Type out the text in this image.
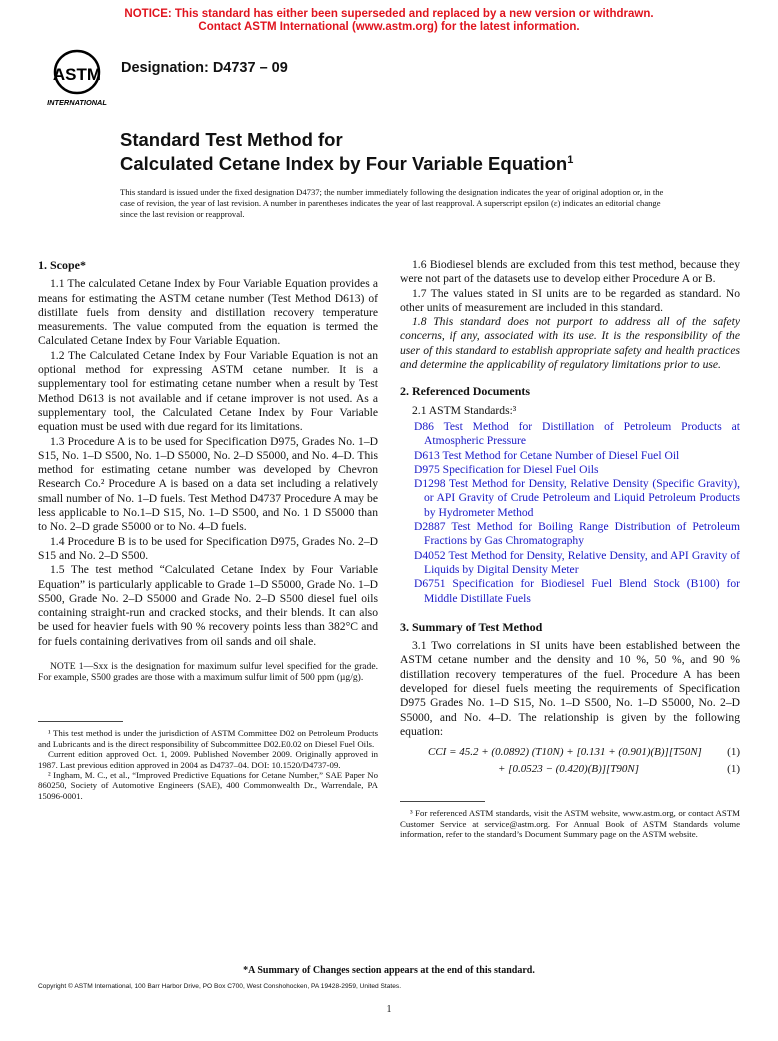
NOTICE: This standard has either been superseded and replaced by a new version or withdrawn.
Contact ASTM International (www.astm.org) for the latest information.
ASTM
INTERNATIONAL
Designation: D4737 – 09
Standard Test Method for
Calculated Cetane Index by Four Variable Equation$^1$
This standard is issued under the fixed designation D4737; the number immediately following the designation indicates the year of original adoption or, in the case of revision, the year of last revision. A number in parentheses indicates the year of last reapproval. A superscript epsilon (ε) indicates an editorial change since the last revision or reapproval.
1. Scope*

1.1 The calculated Cetane Index by Four Variable Equation provides a means for estimating the ASTM cetane number (Test Method D613) of distillate fuels from density and distillation recovery temperature measurements. The value computed from the equation is termed the Calculated Cetane Index by Four Variable Equation.

1.2 The Calculated Cetane Index by Four Variable Equation is not an optional method for expressing ASTM cetane number. It is a supplementary tool for estimating cetane number when a result by Test Method D613 is not available and if cetane improver is not used. As a supplementary tool, the Calculated Cetane Index by Four Variable equation must be used with due regard for its limitations.

1.3 Procedure A is to be used for Specification D975, Grades No. 1–D S15, No. 1–D S500, No. 1–D S5000, No. 2–D S5000, and No. 4–D. This method for estimating cetane number was developed by Chevron Research Co.² Procedure A is based on a data set including a relatively small number of No. 1–D fuels. Test Method D4737 Procedure A may be less applicable to No.1–D S15, No. 1–D S500, and No. 1 D S5000 than to No. 2–D grade S5000 or to No. 4–D fuels.

1.4 Procedure B is to be used for Specification D975, Grades No. 2–D S15 and No. 2–D S500.

1.5 The test method “Calculated Cetane Index by Four Variable Equation” is particularly applicable to Grade 1–D S5000, Grade No. 1–D S500, Grade No. 2–D S5000 and Grade No. 2–D S500 diesel fuel oils containing straight-run and cracked stocks, and their blends. It can also be used for heavier fuels with 90 % recovery points less than 382°C and for fuels containing derivatives from oil sands and oil shale.

NOTE 1—Sxx is the designation for maximum sulfur level specified for the grade. For example, S500 grades are those with a maximum sulfur limit of 500 ppm (µg/g).

¹ This test method is under the jurisdiction of ASTM Committee D02 on Petroleum Products and Lubricants and is the direct responsibility of Subcommittee D02.E0.02 on Diesel Fuel Oils.

Current edition approved Oct. 1, 2009. Published November 2009. Originally approved in 1987. Last previous edition approved in 2004 as D4737–04. DOI: 10.1520/D4737-09.

² Ingham, M. C., et al., “Improved Predictive Equations for Cetane Number,” SAE Paper No 860250, Society of Automotive Engineers (SAE), 400 Commonwealth Dr., Warrendale, PA 15096-0001.

1.6 Biodiesel blends are excluded from this test method, because they were not part of the datasets use to develop either Procedure A or B.

1.7 The values stated in SI units are to be regarded as standard. No other units of measurement are included in this standard.

1.8 This standard does not purport to address all of the safety concerns, if any, associated with its use. It is the responsibility of the user of this standard to establish appropriate safety and health practices and determine the applicability of regulatory limitations prior to use.

2. Referenced Documents

2.1 ASTM Standards:³

D86 Test Method for Distillation of Petroleum Products at Atmospheric Pressure

D613 Test Method for Cetane Number of Diesel Fuel Oil

D975 Specification for Diesel Fuel Oils

D1298 Test Method for Density, Relative Density (Specific Gravity), or API Gravity of Crude Petroleum and Liquid Petroleum Products by Hydrometer Method

D2887 Test Method for Boiling Range Distribution of Petroleum Fractions by Gas Chromatography

D4052 Test Method for Density, Relative Density, and API Gravity of Liquids by Digital Density Meter

D6751 Specification for Biodiesel Fuel Blend Stock (B100) for Middle Distillate Fuels

3. Summary of Test Method

3.1 Two correlations in SI units have been established between the ASTM cetane number and the density and 10 %, 50 %, and 90 % distillation recovery temperatures of the fuel. Procedure A has been developed for diesel fuels meeting the requirements of Specification D975 Grades No. 1–D S15, No. 1–D S500, No. 1–D S5000, No. 2–D S5000, and No. 4–D. The relationship is given by the following equation:

CCI = 45.2 + (0.0892) (T10N) + [0.131 + (0.901)(B)][T50N] (1)
+ [0.0523 − (0.420)(B)][T90N]	(1)

³ For referenced ASTM standards, visit the ASTM website, www.astm.org, or contact ASTM Customer Service at service@astm.org. For Annual Book of ASTM Standards volume information, refer to the standard’s Document Summary page on the ASTM website.

*A Summary of Changes section appears at the end of this standard.
Copyright © ASTM International, 100 Barr Harbor Drive, PO Box C700, West Conshohocken, PA 19428-2959, United States.
1
